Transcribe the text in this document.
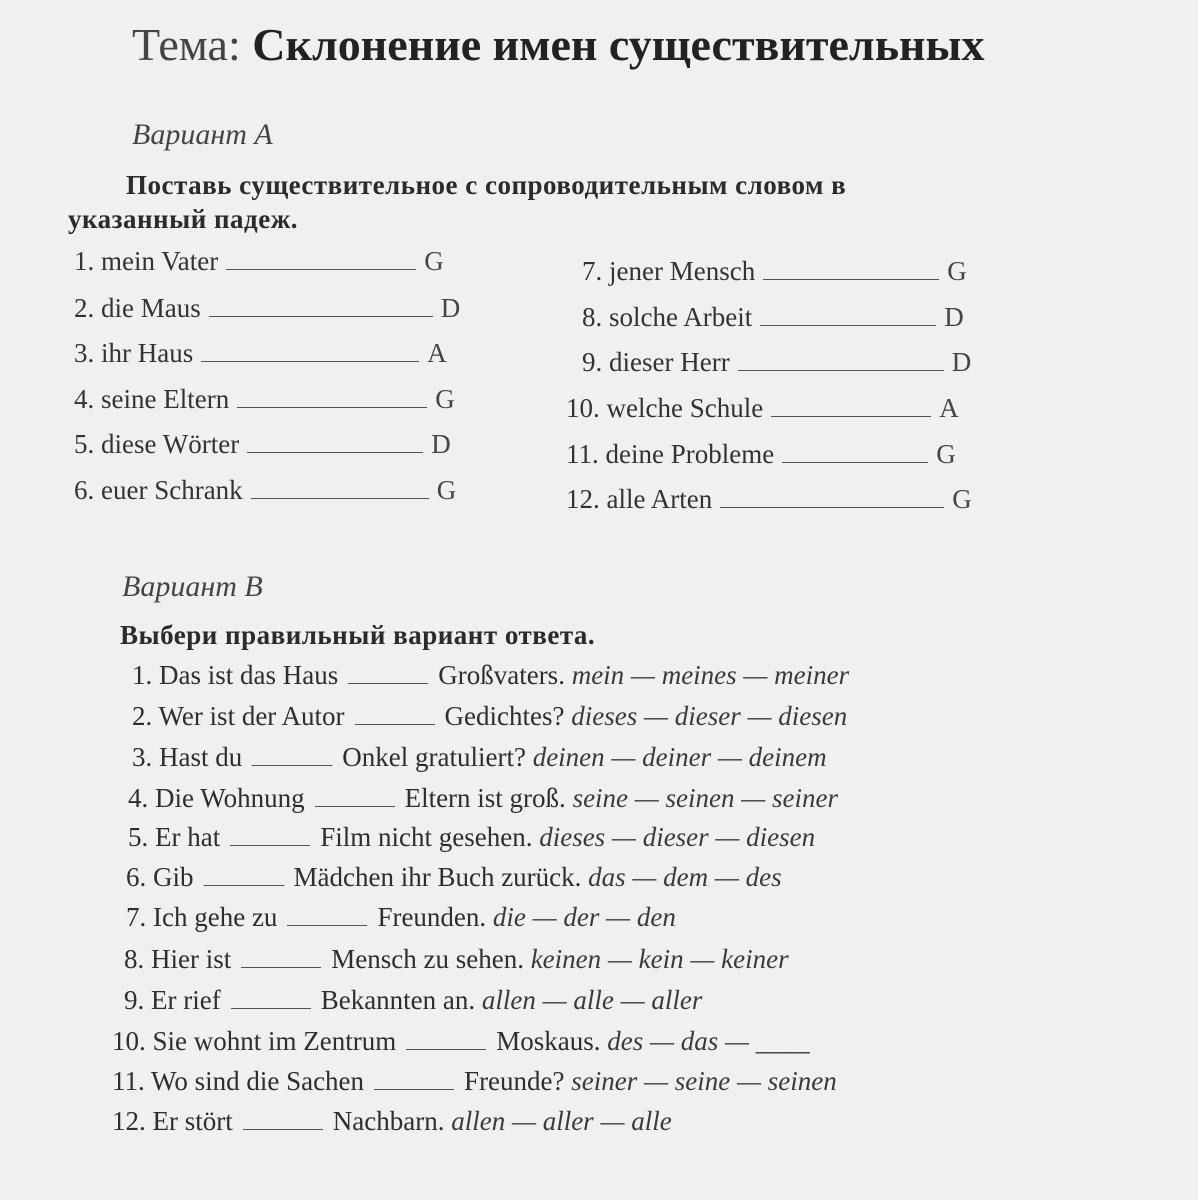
Тема: Склонение имен существительных
Вариант А
Поставь существительное с сопроводительным словом в
указанный падеж.
1. mein Vater	G
2. die Maus	D
3. ihr Haus	A
4. seine Eltern	G
5. diese Wörter	D
6. euer Schrank	G
7. jener Mensch	G
8. solche Arbeit	D
9. dieser Herr	D
10. welche Schule	A
11. deine Probleme	G
12. alle Arten	G
Вариант В
Выбери правильный вариант ответа.
1. Das ist das Haus	Großvaters. mein — meines — meiner
2. Wer ist der Autor	Gedichtes? dieses — dieser — diesen
3. Hast du	Onkel gratuliert? deinen — deiner — deinem
4. Die Wohnung	Eltern ist groß. seine — seinen — seiner
5. Er hat	Film nicht gesehen. dieses — dieser — diesen
6. Gib	Mädchen ihr Buch zurück. das — dem — des
7. Ich gehe zu	Freunden. die — der — den
8. Hier ist	Mensch zu sehen. keinen — kein — keiner
9. Er rief	Bekannten an. allen — alle — aller
10. Sie wohnt im Zentrum	Moskaus. des — das — ____
11. Wo sind die Sachen	Freunde? seiner — seine — seinen
12. Er stört	Nachbarn. allen — aller — alle
